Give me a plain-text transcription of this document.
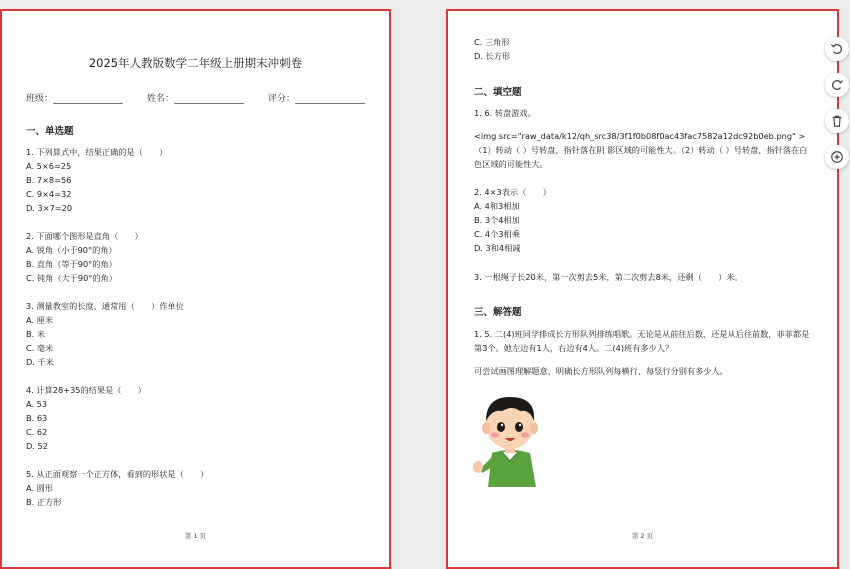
2025年人教版数学二年级上册期末冲刺卷
班级：	姓名：	评分：
一、单选题
1. 下列算式中，结果正确的是（　　）
A. 5×6=25
B. 7×8=56
C. 9×4=32
D. 3×7=20
2. 下面哪个图形是直角（　　）
A. 锐角（小于90°的角）
B. 直角（等于90°的角）
C. 钝角（大于90°的角）
3. 测量教室的长度，通常用（　　）作单位
A. 厘米
B. 米
C. 毫米
D. 千米
4. 计算28+35的结果是（　　）
A. 53
B. 63
C. 62
D. 52
5. 从正面观察一个正方体，看到的形状是（　　）
A. 圆形
B. 正方形
第 1 页
C. 三角形
D. 长方形
二、填空题
1. 6. 转盘游戏。
<img src="raw_data/k12/qh_src38/3f1f0b08f0ac43fac7582a12dc92b0eb.png" > （1）转动（ ）号转盘，指针落在阴 影区域的可能性大。（2）转动（ ）号转盘，指针落在白 色区域的可能性大。
2. 4×3表示（　　）
A. 4和3相加
B. 3个4相加
C. 4个3相乘
D. 3和4相减
3. 一根绳子长20米，第一次剪去5米，第二次剪去8米，还剩（　　）米。
三、解答题
1. 5. 二(4)班同学排成长方形队列排练唱歌。无论是从前往后数，还是从后往前数，菲菲都是第3个。她左边有1人，右边有4人。二(4)班有多少人？
可尝试画图理解题意，明确长方形队列每横行、每竖行分别有多少人。
第 2 页
